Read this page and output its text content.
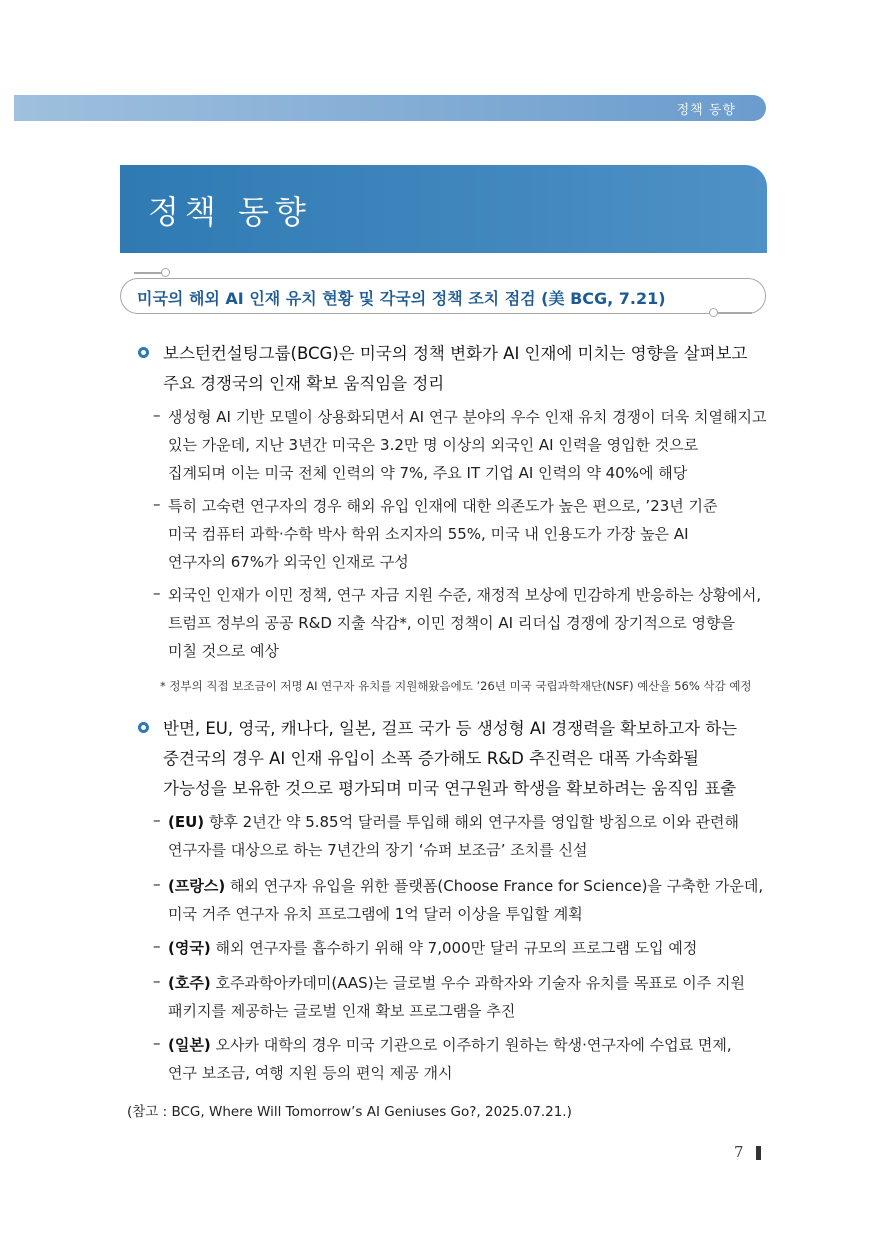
정책 동향
정책 동향
미국의 해외 AI 인재 유치 현황 및 각국의 정책 조치 점검 (美 BCG, 7.21)
보스턴컨설팅그룹(BCG)은 미국의 정책 변화가 AI 인재에 미치는 영향을 살펴보고
주요 경쟁국의 인재 확보 움직임을 정리
– 생성형 AI 기반 모델이 상용화되면서 AI 연구 분야의 우수 인재 유치 경쟁이 더욱 치열해지고
있는 가운데, 지난 3년간 미국은 3.2만 명 이상의 외국인 AI 인력을 영입한 것으로
집계되며 이는 미국 전체 인력의 약 7%, 주요 IT 기업 AI 인력의 약 40%에 해당
– 특히 고숙련 연구자의 경우 해외 유입 인재에 대한 의존도가 높은 편으로, ’23년 기준
미국 컴퓨터 과학·수학 박사 학위 소지자의 55%, 미국 내 인용도가 가장 높은 AI
연구자의 67%가 외국인 인재로 구성
– 외국인 인재가 이민 정책, 연구 자금 지원 수준, 재정적 보상에 민감하게 반응하는 상황에서,
트럼프 정부의 공공 R&D 지출 삭감*, 이민 정책이 AI 리더십 경쟁에 장기적으로 영향을
미칠 것으로 예상
* 정부의 직접 보조금이 저명 AI 연구자 유치를 지원해왔음에도 ’26년 미국 국립과학재단(NSF) 예산을 56% 삭감 예정
반면, EU, 영국, 캐나다, 일본, 걸프 국가 등 생성형 AI 경쟁력을 확보하고자 하는
중견국의 경우 AI 인재 유입이 소폭 증가해도 R&D 추진력은 대폭 가속화될
가능성을 보유한 것으로 평가되며 미국 연구원과 학생을 확보하려는 움직임 표출
– (EU) 향후 2년간 약 5.85억 달러를 투입해 해외 연구자를 영입할 방침으로 이와 관련해
연구자를 대상으로 하는 7년간의 장기 ‘슈퍼 보조금’ 조치를 신설
– (프랑스) 해외 연구자 유입을 위한 플랫폼(Choose France for Science)을 구축한 가운데,
미국 거주 연구자 유치 프로그램에 1억 달러 이상을 투입할 계획
– (영국) 해외 연구자를 흡수하기 위해 약 7,000만 달러 규모의 프로그램 도입 예정
– (호주) 호주과학아카데미(AAS)는 글로벌 우수 과학자와 기술자 유치를 목표로 이주 지원
패키지를 제공하는 글로벌 인재 확보 프로그램을 추진
– (일본) 오사카 대학의 경우 미국 기관으로 이주하기 원하는 학생·연구자에 수업료 면제,
연구 보조금, 여행 지원 등의 편익 제공 개시
(참고 : BCG, Where Will Tomorrow’s AI Geniuses Go?, 2025.07.21.)
7
